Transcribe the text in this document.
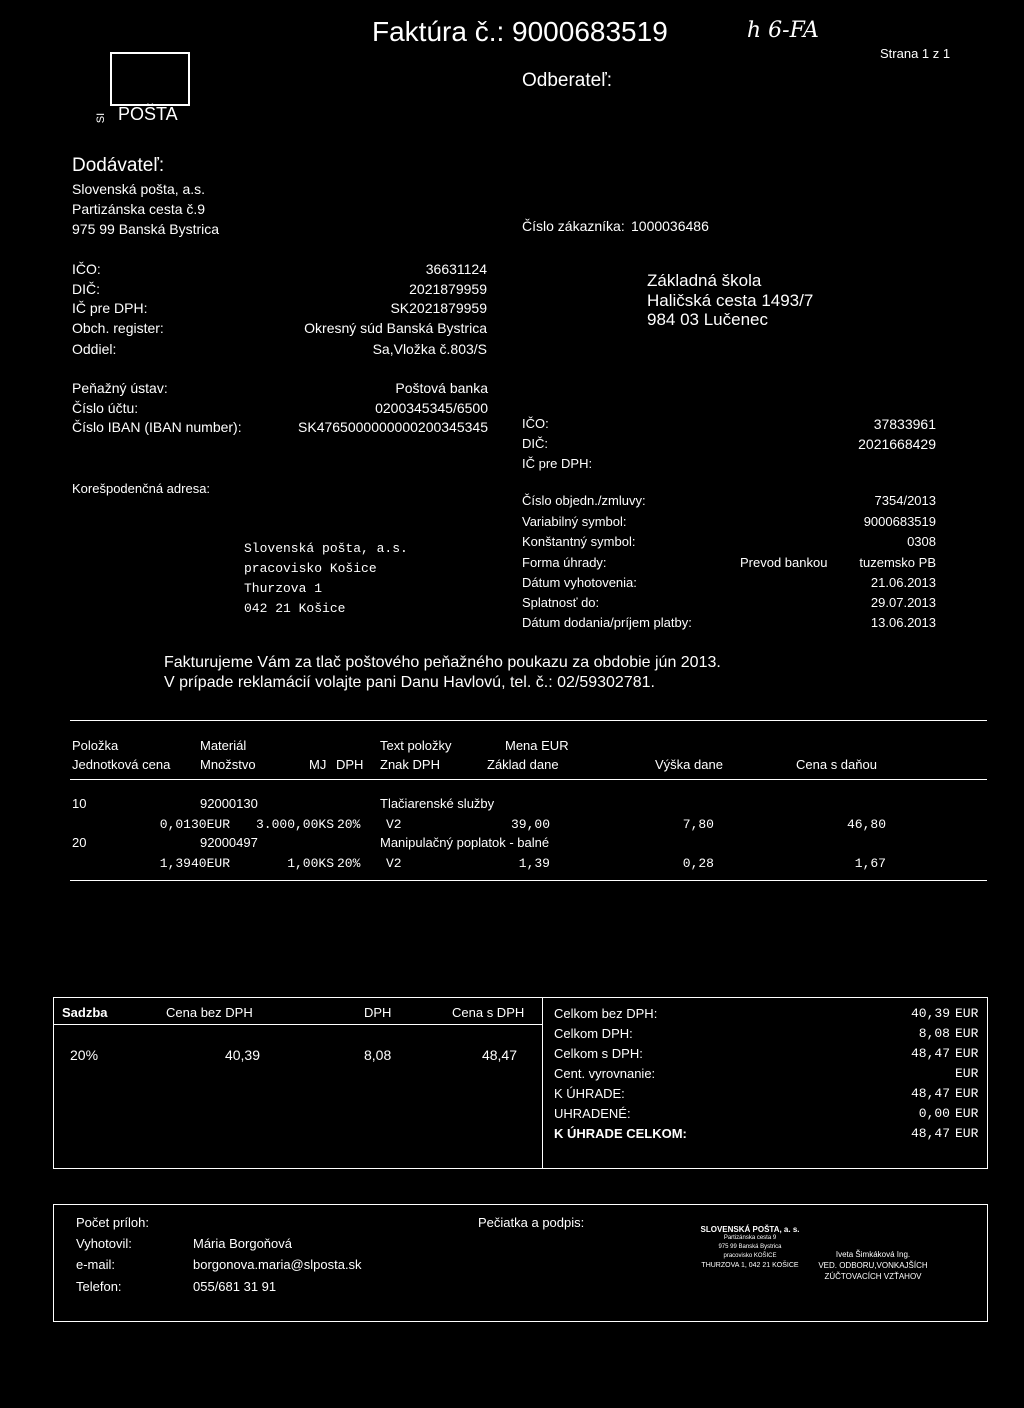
SI POŠTA
Faktúra č.: 9000683519	ℎ 6-FA
Strana 1 z 1
Odberateľ:
Dodávateľ:
Slovenská pošta, a.s.
Partizánska cesta č.9
975 99 Banská Bystrica	Číslo zákazníka: 1000036486
IČO:	36631124
DIČ:	2021879959
IČ pre DPH:	SK2021879959
Obch. register:	Okresný súd Banská Bystrica
Oddiel:	Sa,Vložka č.803/S
Základná škola
Haličská cesta 1493/7
984 03 Lučenec
Peňažný ústav:	Poštová banka
Číslo účtu:	0200345345/6500
Číslo IBAN (IBAN number):	SK4765000000000200345345	IČO:	37833961
DIČ:	2021668429
IČ pre DPH:
Korešpodenčná adresa:
Slovenská pošta, a.s.
pracovisko Košice
Thurzova 1
042 21 Košice
Číslo objedn./zmluvy:	7354/2013
Variabilný symbol:	9000683519
Konštantný symbol:	0308
Forma úhrady:	Prevod bankou tuzemsko PB
Dátum vyhotovenia:	21.06.2013
Splatnosť do:	29.07.2013
Dátum dodania/príjem platby:	13.06.2013
Fakturujeme Vám za tlač poštového peňažného poukazu za obdobie jún 2013.
V prípade reklamácií volajte pani Danu Havlovú, tel. č.: 02/59302781.
Položka	Materiál	Text položky	Mena EUR
Jednotková cena Množstvo	MJ DPH Znak DPH	Základ dane	Výška dane	Cena s daňou
10	92000130	Tlačiarenské služby
0,0130EUR 3.000,00KS 20% V2	39,00	7,80	46,80
20	92000497	Manipulačný poplatok - balné
1,3940EUR	1,00KS 20% V2	1,39	0,28	1,67
Sadzba	Cena bez DPH	DPH	Cena s DPH
20%	40,39	8,08	48,47
Celkom bez DPH:	40,39 EUR
Celkom DPH:	8,08 EUR
Celkom s DPH:	48,47 EUR
Cent. vyrovnanie:	EUR
K ÚHRADE:	48,47 EUR
UHRADENÉ:	0,00 EUR
K ÚHRADE CELKOM:	48,47 EUR
Počet príloh:
Vyhotovil:	Mária Borgoňová
e-mail:	borgonova.maria@slposta.sk
Telefon:	055/681 31 91
Pečiatka a podpis:	SLOVENSKÁ POŠTA, a. s.
Partizánska cesta 9
975 99 Banská Bystrica
pracovisko KOŠICE
THURZOVA 1, 042 21 KOŠICE
Iveta Šimkáková Ing.
VED. ODBORU,VONKAJŠÍCH
ZÚČTOVACÍCH VZŤAHOV
